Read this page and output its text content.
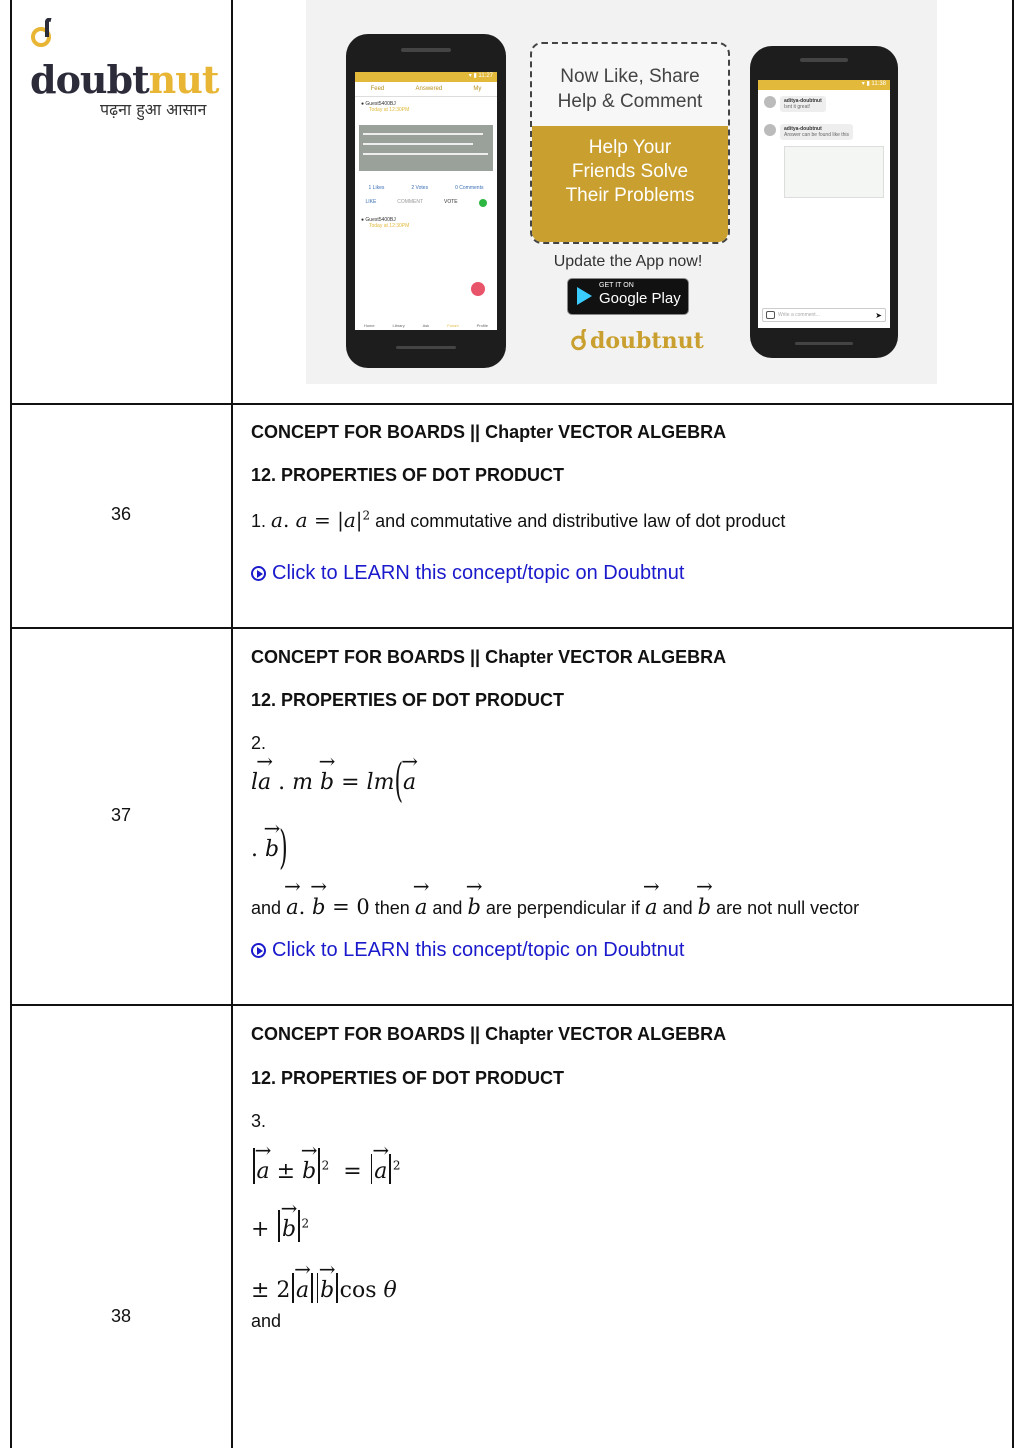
doubtnut
पढ़ना हुआ आसान
▾ ▮ 11:27
Feed	Answered	My
● Guest5400BJ
Today at 12:30PM
1 Likes	2 Votes	0 Comments
LIKE	COMMENT	VOTE
● Guest5400BJ
Today at 12:30PM
Home	Library	Ask	Forum	Profile
Now Like, Share
Help & Comment
Help Your
Friends Solve
Their Problems
Update the App now!
GET IT ON
Google Play
doubtnut
▾ ▮ 11:38
aditya-doubtnut
Isnt it great!
aditya-doubtnut
Answer can be found like this
Write a comment...	➤
36
CONCEPT FOR BOARDS || Chapter VECTOR ALGEBRA
12. PROPERTIES OF DOT PRODUCT
1. a. $a = |a|^2$ and commutative and distributive law of dot product
Click to LEARN this concept/topic on Doubtnut
37
CONCEPT FOR BOARDS || Chapter VECTOR ALGEBRA
12. PROPERTIES OF DOT PRODUCT
2.
l→ a . m → b = lm(→ a
. → b)
and → a. → b = 0 then → a and → b are perpendicular if → a and → b are not null vector
Click to LEARN this concept/topic on Doubtnut
38
CONCEPT FOR BOARDS || Chapter VECTOR ALGEBRA
12. PROPERTIES OF DOT PRODUCT
3.
→ a ± → b $^2$  = → a $^2$
+ → b $^2$
± 2 → a → b cos θ
and
